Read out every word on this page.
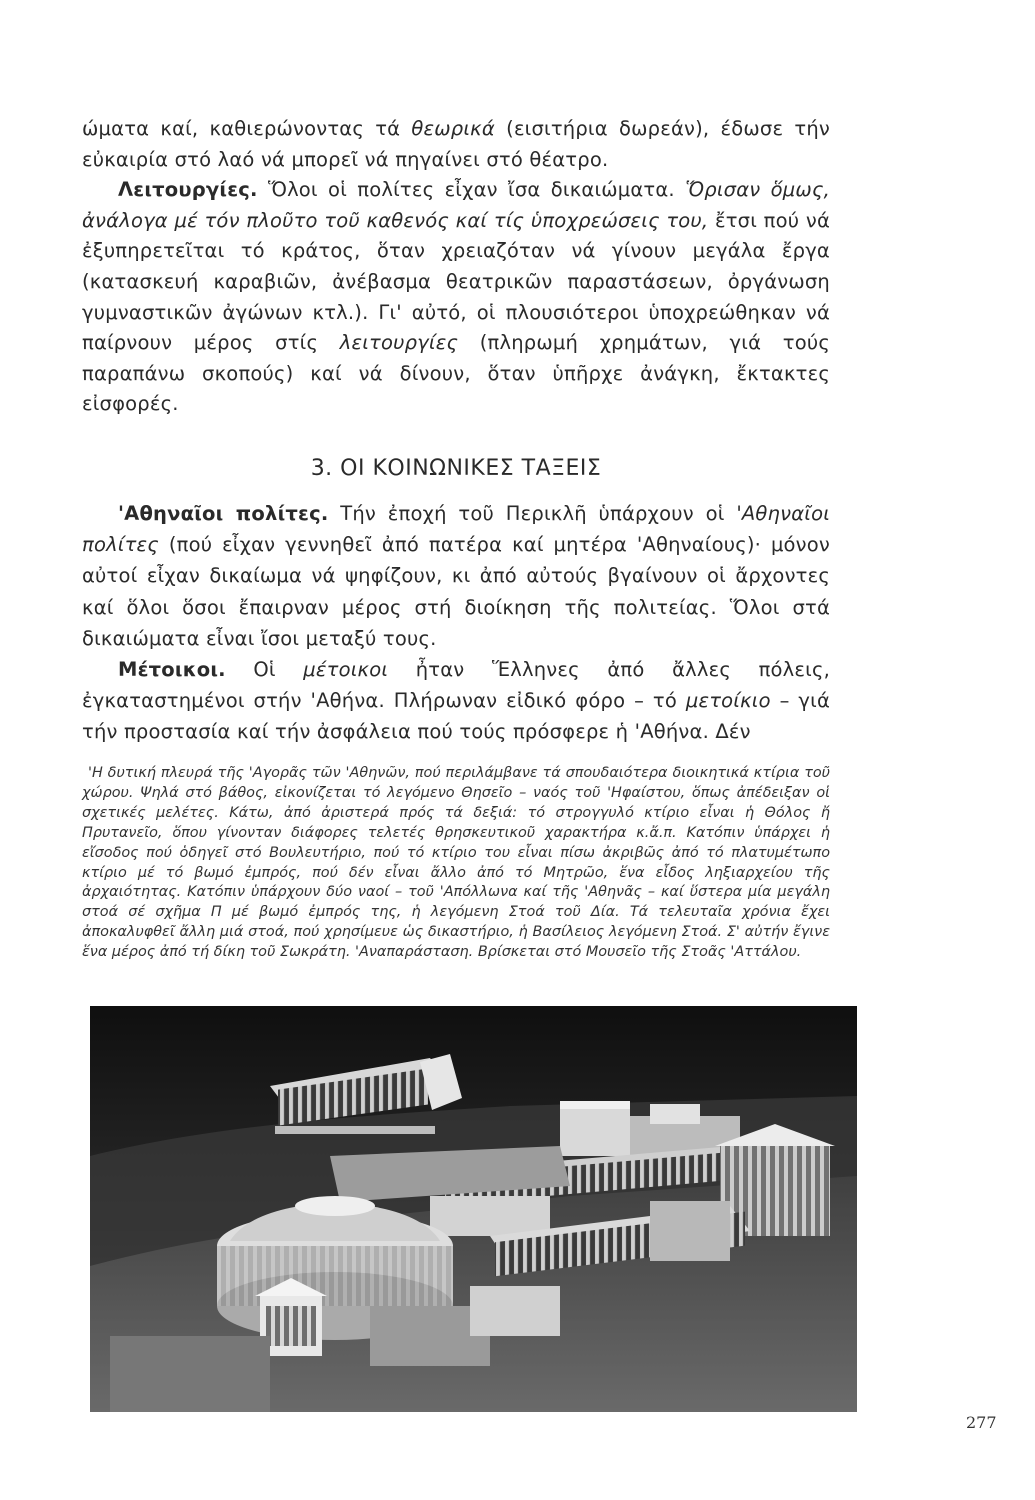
ώματα καί, καθιερώνοντας τά θεωρικά (εισιτήρια δωρεάν), έδωσε τήν εὐκαιρία στό λαό νά μπορεῖ νά πηγαίνει στό θέατρο.

Λειτουργίες. Ὅλοι οἱ πολίτες εἶχαν ἴσα δικαιώματα. Ὅρισαν ὅμως, ἀνάλογα μέ τόν πλοῦτο τοῦ καθενός καί τίς ὑποχρεώσεις του, ἔτσι πού νά ἐξυπηρετεῖται τό κράτος, ὅταν χρειαζόταν νά γίνουν μεγάλα ἔργα (κατασκευή καραβιῶν, ἀνέβασμα θεατρικῶν παραστάσεων, ὀργάνωση γυμναστικῶν ἀγώνων κτλ.). Γι' αὐτό, οἱ πλουσιότεροι ὑποχρεώθηκαν νά παίρνουν μέρος στίς λειτουργίες (πληρωμή χρημάτων, γιά τούς παραπάνω σκοπούς) καί νά δίνουν, ὅταν ὑπῆρχε ἀνάγκη, ἔκτακτες εἰσφορές.

3. ΟΙ ΚΟΙΝΩΝΙΚΕΣ ΤΑΞΕΙΣ

'Αθηναῖοι πολίτες. Τήν ἐποχή τοῦ Περικλῆ ὑπάρχουν οἱ 'Αθηναῖοι πολίτες (πού εἶχαν γεννηθεῖ ἀπό πατέρα καί μητέρα 'Αθηναίους)· μόνον αὐτοί εἶχαν δικαίωμα νά ψηφίζουν, κι ἀπό αὐτούς βγαίνουν οἱ ἄρχοντες καί ὅλοι ὅσοι ἔπαιρναν μέρος στή διοίκηση τῆς πολιτείας. Ὅλοι στά δικαιώματα εἶναι ἴσοι μεταξύ τους.

Μέτοικοι. Οἱ μέτοικοι ἦταν Ἕλληνες ἀπό ἄλλες πόλεις, ἐγκαταστημένοι στήν 'Αθήνα. Πλήρωναν εἰδικό φόρο – τό μετοίκιο – γιά τήν προστασία καί τήν ἀσφάλεια πού τούς πρόσφερε ἡ 'Αθήνα. Δέν

'Η δυτική πλευρά τῆς 'Αγορᾶς τῶν 'Αθηνῶν, πού περιλάμβανε τά σπουδαιότερα διοικητικά κτίρια τοῦ χώρου. Ψηλά στό βάθος, εἰκονίζεται τό λεγόμενο Θησεῖο – ναός τοῦ 'Ηφαίστου, ὅπως ἀπέδειξαν οἱ σχετικές μελέτες. Κάτω, ἀπό ἀριστερά πρός τά δεξιά: τό στρογγυλό κτίριο εἶναι ἡ Θόλος ἤ Πρυτανεῖο, ὅπου γίνονταν διάφορες τελετές θρησκευτικοῦ χαρακτήρα κ.ἄ.π. Κατόπιν ὑπάρχει ἡ εἴσοδος πού ὁδηγεῖ στό Βουλευτήριο, πού τό κτίριο του εἶναι πίσω ἀκριβῶς ἀπό τό πλατυμέτωπο κτίριο μέ τό βωμό ἐμπρός, πού δέν εἶναι ἄλλο ἀπό τό Μητρῶο, ἕνα εἶδος ληξιαρχείου τῆς ἀρχαιότητας. Κατόπιν ὑπάρχουν δύο ναοί – τοῦ 'Απόλλωνα καί τῆς 'Αθηνᾶς – καί ὕστερα μία μεγάλη στοά σέ σχῆμα Π μέ βωμό ἐμπρός της, ἡ λεγόμενη Στοά τοῦ Δία. Τά τελευταῖα χρόνια ἔχει ἀποκαλυφθεῖ ἄλλη μιά στοά, πού χρησίμευε ὡς δικαστήριο, ἡ Βασίλειος λεγόμενη Στοά. Σ' αὐτήν ἔγινε ἕνα μέρος ἀπό τή δίκη τοῦ Σωκράτη. 'Αναπαράσταση. Βρίσκεται στό Μουσεῖο τῆς Στοᾶς 'Αττάλου.

277
